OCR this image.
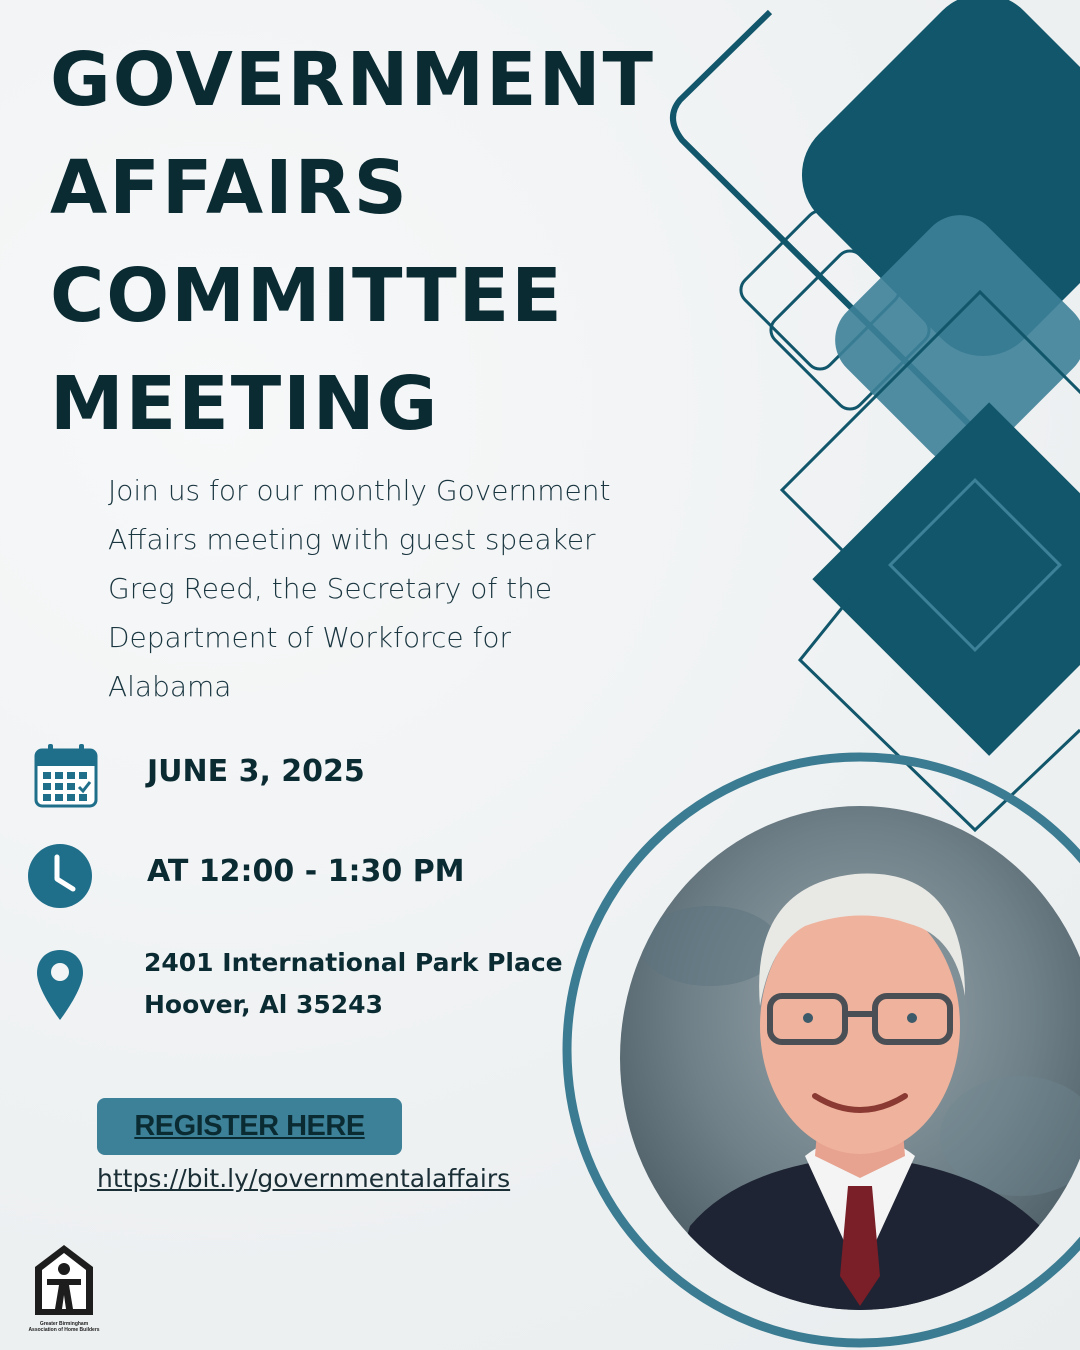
GOVERNMENT
AFFAIRS
COMMITTEE
MEETING

Join us for our monthly Government Affairs meeting with guest speaker Greg Reed, the Secretary of the Department of Workforce for Alabama

JUNE 3, 2025
AT 12:00 - 1:30 PM
2401 International Park Place
Hoover, Al 35243
REGISTER HERE
https://bit.ly/governmentalaffairs
Greater Birmingham
Association of Home Builders
